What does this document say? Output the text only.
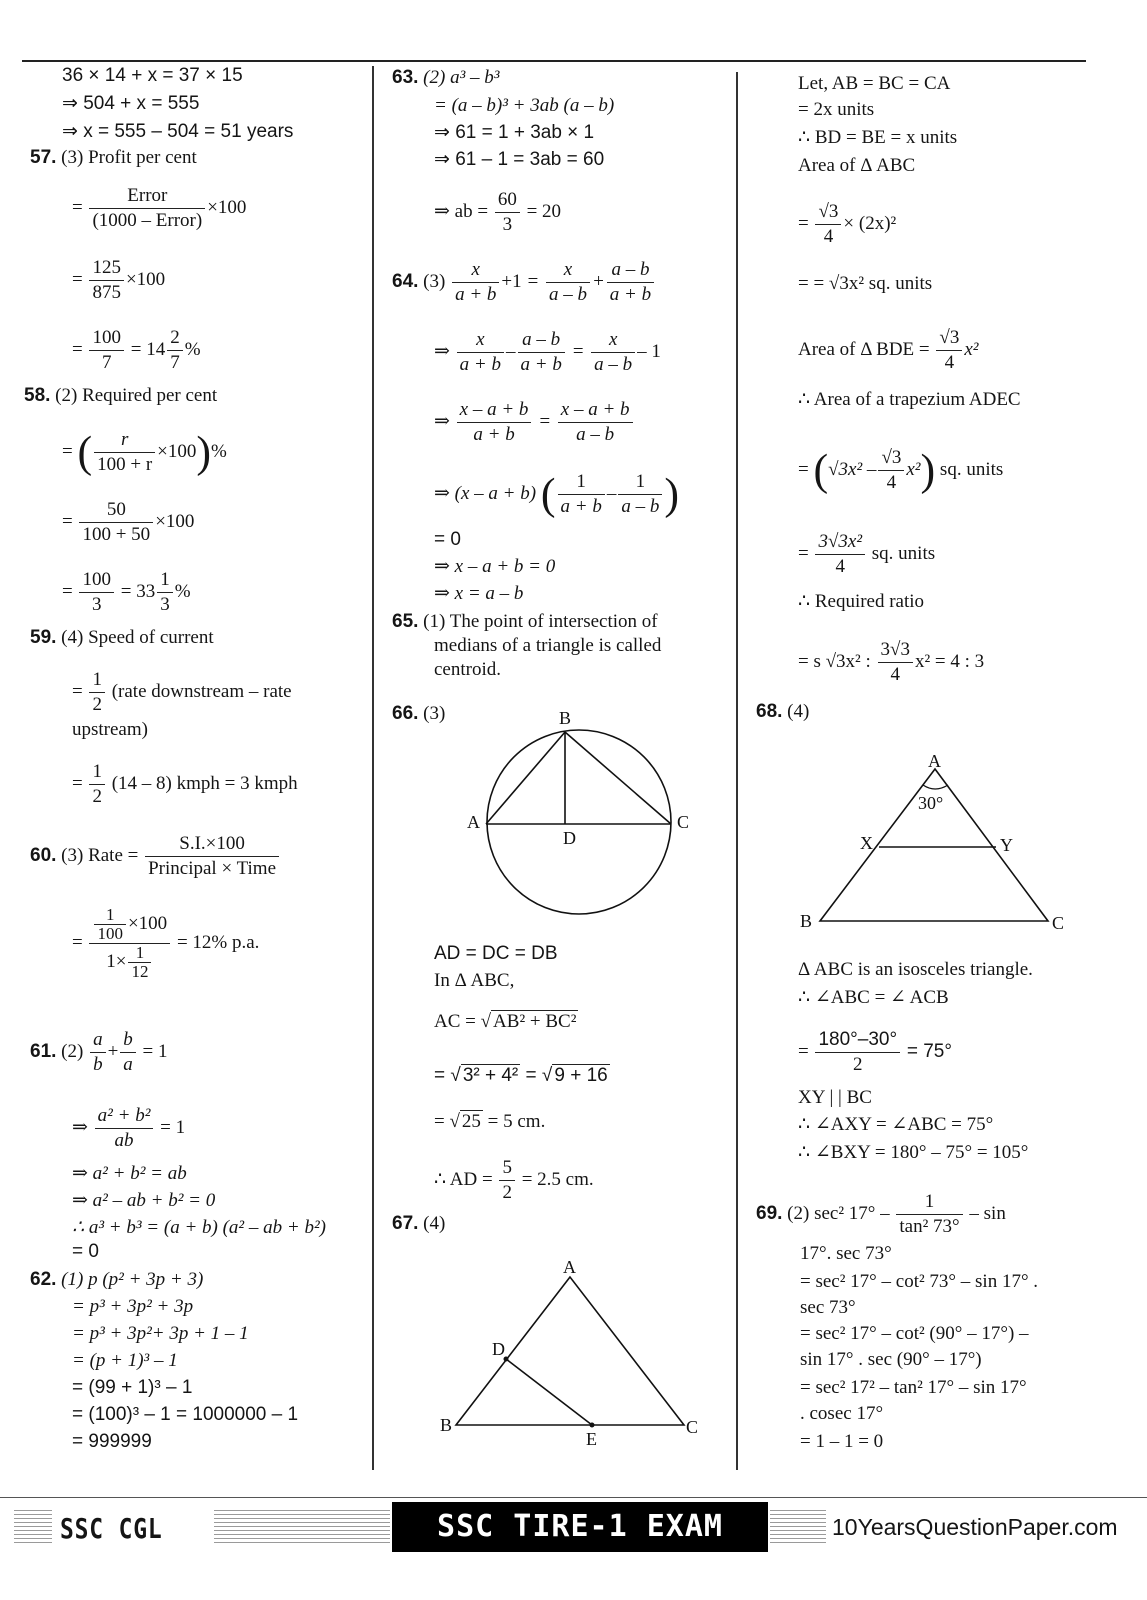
36 × 14 + x = 37 × 15
⇒ 504 + x = 555
⇒ x = 555 – 504 = 51 years
57. (3) Profit per cent
=
Error
(1000 – Error)
×100
= $\frac{125}{875} \times 100$
= $\frac{100}{7} = 14 \frac{2}{7}$ %
58. (2) Required per cent
= ( $\frac{r}{100 + r} \times 100)\%$
= $\frac{50}{100 + 50} \times 100$
= $\frac{100}{3} = 33 \frac{1}{3}$ %
59. (4) Speed of current
= $\frac{1}{2}$ (rate downstream – rate
upstream)
= $\frac{1}{2} (14 - 8)$ kmph = 3 kmph
60. (3) Rate =
S.I.×100
Principal × Time
= $\frac{\frac{1}{100} \times 100}{1\times \frac{1}{12}} = 12\%$ p.a.
61. $(2) \frac{a}{b} + \frac{b}{a} = 1$
⇒ $\frac{\text{a² + b²}}{ab} = 1$
⇒ a² + b² = ab
⇒ a² – ab + b² = 0
∴ a³ + b³ = (a + b) (a² – ab + b²)
= 0
62. (1) p (p² + 3p + 3)
= p³ + 3p² + 3p
= p³ + 3p²+ 3p + 1 – 1
= (p + 1)³ – 1
= (99 + 1)³ – 1
= (100)³ – 1 = 1000000 – 1
= 999999
63. (2) a³ – b³
= (a – b)³ + 3ab (a – b)
⇒ 61 = 1 + 3ab × 1
⇒ 61 – 1 = 3ab = 60
⇒ ab = $\frac{60}{3} = 20$
64. $(3) \frac{x}{a + b} +1 = \frac{x}{a - b} + \frac{a - b}{a + b}$
⇒ $\frac{x}{a + b} - \frac{a - b}{a + b} = \frac{x}{a - b} - 1$
⇒ $\frac{x - a + b}{a + b} = \frac{x - a + b}{a - b}$
⇒ (x – a + b) ( $\frac{1}{a + b} - \frac{1}{a - b}$ )
= 0
⇒ x – a + b = 0
⇒ x = a – b
65. (1) The point of intersection of
medians of a triangle is called
centroid.
66. (3)	B
A	C
D
AD = DC = DB
In Δ ABC,
AC = √ AB² + BC²
= √ 3² + 4² = √ 9 + 16
= √ 25 = 5 cm.
∴ AD = $\frac{5}{2} = 2.5$ cm.
67. (4)
A
D
B	C
E
Let, AB = BC = CA
= 2x units
∴ BD = BE = x units
Area of Δ ABC
= $\frac{√3}{4} \times (2x)^2$
= = √3x² sq. units
Area of Δ BDE = $\frac{√3}{4} x^2$
∴ Area of a trapezium ADEC
= $(√3x^2 - \frac{√3}{4} x^2)$ sq. units
= $\frac{\text{3√3x²}}{4}$ sq. units
∴ Required ratio
= s √3x² : $\frac{3√3}{4} x^2 = 4$ : 3
68. (4)
A
30°
X	Y
B	C
Δ ABC is an isosceles triangle.
∴ ∠ABC = ∠ ACB
= $\frac{180^\circ-30^\circ}{2} = 75^\circ$
XY | | BC
∴ ∠AXY = ∠ABC = 75°
∴ ∠BXY = 180° – 75° = 105°
69. (2) sec² $17^\circ - \frac{1}{\text{tan² 73°}}$ – sin
17°. sec 73°
= sec² 17° – cot² 73° – sin 17° .
sec 73°
= sec² 17° – cot² (90° – 17°) –
sin 17° . sec (90° – 17°)
= sec² 17² – tan² 17° – sin 17°
. cosec 17°
= 1 – 1 = 0
SSC CGL	SSC TIRE-1 EXAM	10YearsQuestionPaper.com
